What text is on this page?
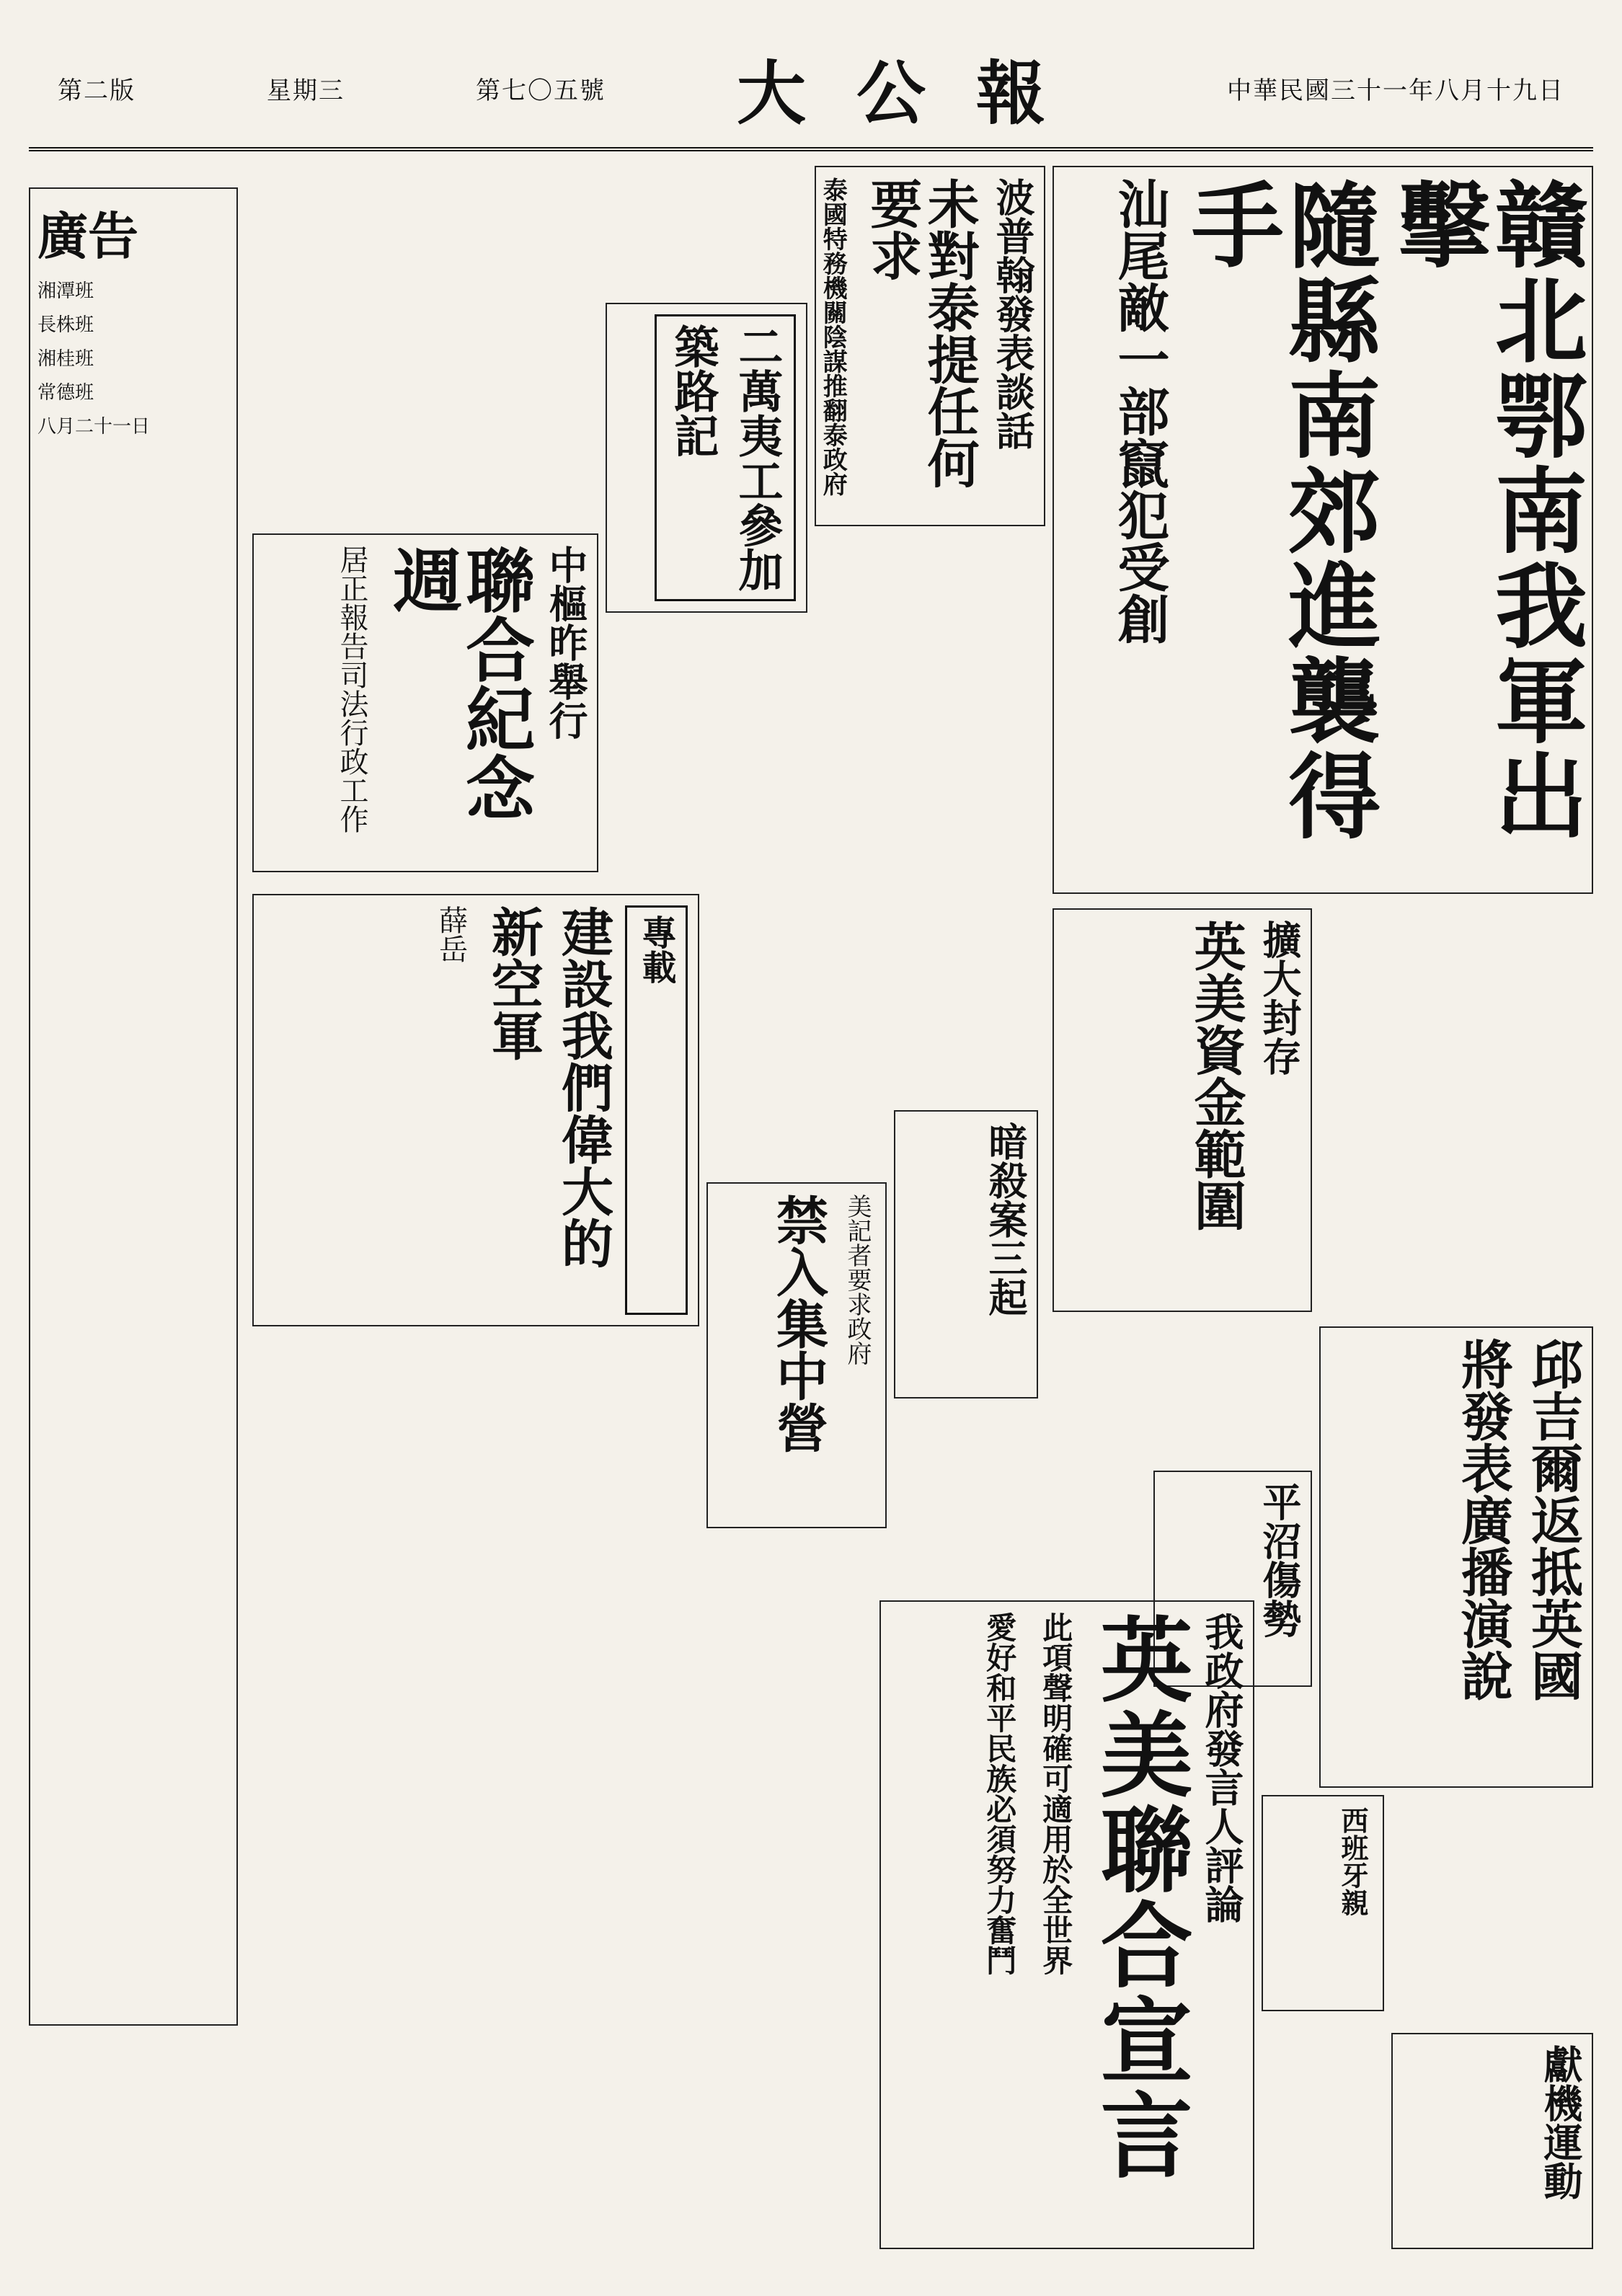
第二版	星期三	第七〇五號 大公報	中華民國三十一年八月十九日
贛北鄂南我軍出擊
隨縣南郊進襲得手
汕尾敵一部竄犯受創
波普翰發表談話
未對泰提任何要求
泰國特務機關陰謀推翻泰政府
二萬夷工參加築路記
中樞昨舉行
聯合紀念週
居正報告司法行政工作
專載
建設我們偉大的
新空軍
薛岳	擴大封存
英美資金範圍
暗殺案三起
美記者要求政府
禁入集中營
邱吉爾返抵英國
將發表廣播演說
平沼傷勢
我政府發言人評論
英美聯合宣言
此項聲明確可適用於全世界
愛好和平民族必須努力奮鬥	西班牙親
獻機運動
廣告
湘潭班
長株班
湘桂班
常德班
八月二十一日
